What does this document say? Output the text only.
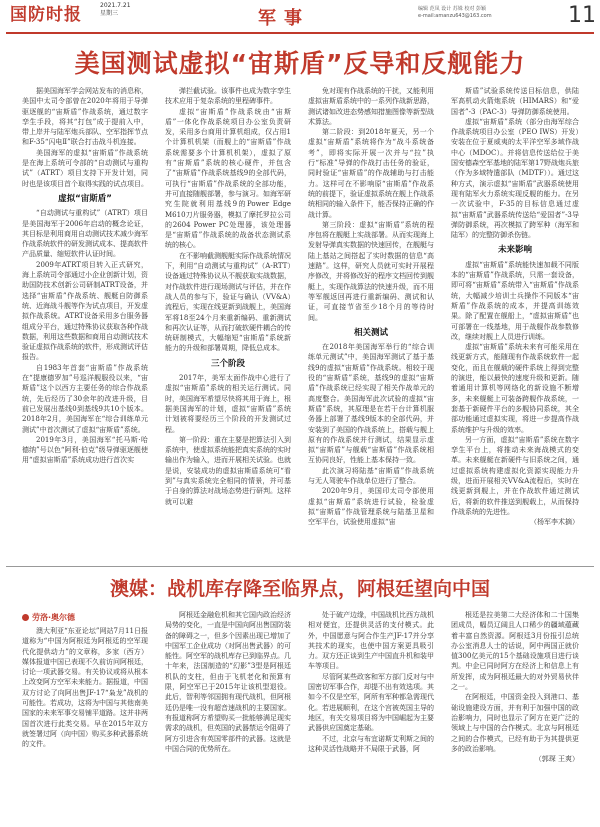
国防时报	2021.7.21
星期三	军事	编辑 范凤 设计 苏姝 校对 彭颖
e-mail:amanzu643@163.com	11
美国测试虚拟“宙斯盾”反导和反舰能力

据美国海军学会网站发布的消息称，美国中太司令部曾在2020年将用于导弹驱逐舰的“宙斯盾”作战系统，通过数字孪生手段，将其“打包”成于提前入中，带上岸并与陆军炮兵部队、空军指挥节点和F-35“闪电Ⅱ”联合打击战斗机连接。

美国海军的虚拟“宙斯盾”作战系统是在海上系统可令部的“自动测试与重构试”（ATRT）项目支持下开发计划，同时也是该项目首个取得实践的试点项目。

虚拟“宙斯盾”

“自动测试与重构试”（ATRT）项目是美国海军于2006年启动的概念论证，其目标是利用商用自动测试技术减少海军作战系统软件的研发测试成本、提高软件产品质量、缩短软件认证时间。

2009年ATRT项目转入正式研究，海上系统司令部通过小企业创新计划，资助国防技术创新公司研制ATRT设备，并选择“宙斯盾”作战系统、舰艇自防御系统、近海战斗舰等作为试点项目，开发虚拟作战系统。ATRT设备采用多台服务器组成分平台，通过特殊协议获取各种作战数据，利用这些数据和商用自动测试技术验证虚拟作战系统的软件，形成测试评估报告。

自1983年首套“宙斯盾”作战系统在“提康德罗加”号巡洋舰服役以来，“宙斯盾”这个以西方主要任务的综合作战系统，先后经历了30余年的改进升级，目前已发展出基线0到基线9共10个版本。2018年2月，美国海军在“综合训练单元测试”中首次测试了虚拟“宙斯盾”系统。

2019年3月，美国海军“托马斯·哈德纳”号以色“阿利·伯克”级导弹驱逐舰使用“虚拟宙斯盾”系统成功进行首次实

弹拦截试验。该事件也成为数字孪生技术应用于复杂系统的里程碑事件。

虚拟“宙斯盾”作战系统由“宙斯盾”一体化作战系统项目办公室负责研发，采用多台商用计算机组成，仅占用1个计算机机架（而舰上的“宙斯盾”作战系统需要多个计算机机架），虚拟了原有“宙斯盾”系统的核心硬件，并包含了“宙斯盾”作战系统基线9的全部代码，可执行“宙斯盾”作战系统的全部功能，并可直接随舰部署，参与演习。如海军研究生院就利用基线9的Power Edge M610刀片服务器，模拟了摩托罗拉公司的2604 Power PC处理器，该处理器是“宙斯盾”作战系统的战备状态测试系统的核心。

在不影响截测舰艇实际作战系统情况下，利用“自动测试与重构试”（A-RTT）设备通过特殊协议从不舰获取实战数据，对作战软件进行现场测试与评估，并在作战人员的参与下，验证与确认（VV&A）流程后，实现在线更新到战舰上，美国海军将18至24个月来重新编码、重新测试和再次认证等，从而打破软硬件耦合的传统研制模式，大幅缩短“宙斯盾”系统新能力的升级和部署周期，降低总成本。

三个阶段

2017年，美军太面作战中心进行了虚拟“宙斯盾”系统的相关运行测试。同时，美国海军希望尽快将其用于海上，根据美国海军的计划，虚拟“宙斯盾”系统计划被将要经历三个阶段的开发测试过程。

第一阶段：重在主要是把算法引入到系统中，使虚拟系统能把真实系统的实时输出作为输入，进而开展相关试验。也就是说，安装成功的虚拟宙斯盾系统可“看到”与真实系统完全相同的情景，并可基于自身的算法对战场态势进行研判。这样就可以避

免对现有作战系统的干扰，又能利用虚拟宙斯盾系统中的一系列作战新思路，测试诸如改进态势感知措施图像等新型战术算法。

第二阶段：到2018年夏天，另一个虚拟“宙斯盾”系统将作为“战斗系统备考”，即将实际开展一次并与“拉”执行“标准”导弹的作战打击任务的验证，同时验证“宙斯盾”的作战辅助与打击能力。这样可在不影响原“宙斯盾”作战系统的前提下，验证虚拟系统在舰上作战系统相同的输入条件下，能否保持正确的作战计算。

第三阶段：虚拟“宙斯盾”系统的程序包将在舰艇上实战部署。从而实现海上发射导弹真实数据的快速回传，在舰艇与陆上基站之间搭起了实时数据的信息“高速路”。这样，研究人员就可实时开展程序修改，并将修改好的程序文档回传到舰艇上，实现作战算法的快速升级，而不用等军舰返回再进行重新编码、测试和认证，可直接节省至少18个月的等待时间。

相关测试

在2018年美国海军举行的“综合训练单元测试”中，美国海军测试了基于基线9的虚拟“宙斯盾”作战系统。相较于现役的“宙斯盾”系统，基线9的虚拟“宙斯盾”作战系统已经实现了相关作战单元的高度整合。美国海军此次试验的虚拟“宙斯盾”系统，其原理是在若干台计算机服务器上部署了基线9版本的全部代码，并安装到了美国的作战系统上，搭载与舰上原有的作战系统并行测试，结果显示虚拟“宙斯盾”与舰载“宙斯盾”作战系统相互协同良好，性能上基本保持一致。

此次演习将陆基“宙斯盾”作战系统与无人驾驶车作战单位进行了整合。

2020年9月，美国印太司令部使用虚拟“宙斯盾”系统进行试验，检验虚拟“宙斯盾”作战管理系统与陆基卫星和空军平台，试验使用虚拟“宙

斯盾”试验系统传送目标信息，供陆军高机动火箭炮系统（HIMARS）和“爱国者”-3（PAC-3）导弹防御系统使用。

虚拟“宙斯盾”系统（部分由海军综合作战系统项目办公室（PEO IWS）开发）安装在位于夏威夷的太平洋空军多域作战中心（MDOC）。并将信息传送给位于美国安德森空军基地的陆军第17野战炮兵旅（作为多域特遣部队（MDTF））。通过这种方式，演示虚拟“宙斯盾”武器系统使用现有陆军火力系统实现反舰的能力。在另一次试验中，F-35的目标信息通过虚拟“宙斯盾”武器系统传送给“爱国者”-3导弹防御系统，再次模拟了跨军种（海军和陆军）的完整防御杀伤链。

未来影响

虚拟“宙斯盾”系统能快速加载不同版本的“宙斯盾”作战系统，只需一套设备，即可将“宙斯盾”系统带入“宙斯盾”作战系统，大幅减少培训士兵操作不同版本“宙斯盾”作战系统的成本，并提高训练效果。除了配置在舰船上，“虚拟宙斯盾”也可部署在一线基地，用于战舰作战参数修改，继续对舰上人员进行训练。

虚拟“宙斯盾”系统未来有可能采用在线更新方式，能随现有作战系统软件一起变化，而且在舰载的硬件系统上得到完整的演进，能以最快的速度升级和更新。随着通用计算机等网络化的新设施不断增多，未来舰艇上可装备跨舰作战系统，一套基于新硬件平台的多舰协同系统，其全部功能通过虚拟实现，将进一步提高作战系统维护与升级的效率。

另一方面，虚拟“宙斯盾”系统在数字孪生平台上，将推动未来海战模式的变革。未来舰艇在新硬件与旧系统之间，通过虚拟系统构建虚拟化资源实现能力升级，进而开展相关VV&A流程后，实时在线更新到舰上，并在作战软件通过测试后，将新的软件推送到舰载上，从而保持作战系统的先进性。

（杨军李术摘）

澳媒：战机库存降至临界点，阿根廷望向中国
劳洛·奥尔德

澳大利亚“东亚论坛”网站7月11日报道称为“中国为阿根廷为阿根廷的空军现代化提供动力”的文章称，多家（西方）媒体报道中国已表现不久前访问阿根廷，讨论一项武器交易。有关协议或将从根本上改变阿方空军未来能力。据报道，中国双方讨论了向阿出售JF-17“枭龙”战机的可能性。若成功，这将为中国与其他南美国家的未来军事交易铺平道路。这并非两国首次进行此类交易。早在2015年双方就签署过阿（向中国）购买多种武器系统的文件。

阿根廷金融危机和其它国内政治经济局势的变化，一直是中国向阿出售国防装备的障碍之一，但多个因素出现已增加了中国军工企业成功（对阿出售武器）的可能性。阿空军的战机库存已到临界点。几十年来，法国制造的“幻影”3型是阿根廷机队的支柱，但由于飞机老化和预算有限，阿空军已于2015年让该机型退役。此后，智利等邻国拥有现代战机，但阿根廷仍是唯一没有超音速战机的主要国家。有报道称阿方希望购买一批能够满足现实需求的战机，但英国的武器禁运令阻碍了阿方引进含有英国零部件的武器。这就是中国合同的优势所在。

处于破产边缘，中国战机比西方战机相对便宜，还提供灵活的支付模式。此外，中国愿意与阿合作生产JF-17并分享其技术的现实，也使中国方案更具吸引力。双方还正谈到生产中国直升机和装甲车等项目。

尽管阿某些政客和军方部门反对与中国密切军事合作，却提不出有效选项。其如今不仅是空军，阿所有军种都急需现代化。若进展顺利，在这个宫被英国主导的地区，有关交易项目将为中国崛起为主要武器供应国奠定基础。

不过，北京与布宜诺斯艾利斯之间的这种灵活性战略并不局限于武器，阿

根廷是拉美第二大经济体和二十国集团成员，幅员辽阔且人口稀少的疆域蕴藏着丰富自然资源。阿根廷3月份报引总统办公室消息人士的话说，阿中两国正就价值300亿美元的15个基础设施项目进行谈判。中企已同时阿方在经济上和信息上有所发挥，成为阿根廷最大的对外贸易伙伴之一。

在阿根廷，中国资金投入到港口、基础设施建设方面，并有利于加强中国的政治影响力，同时也显示了阿方在更广泛的领域上与中国的合作模式。北京与阿根廷之间的合作模式，已经有助于为其提供更多的政治影响。

（郭琛 王爽）
